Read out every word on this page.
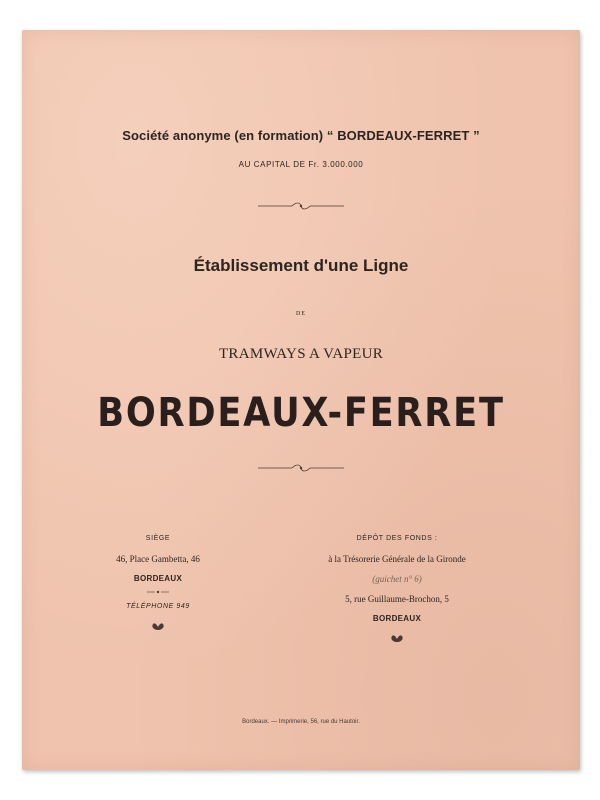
Société anonyme (en formation) “ BORDEAUX-FERRET ”
AU CAPITAL DE Fr. 3.000.000
Établissement d'une Ligne
DE
TRAMWAYS A VAPEUR
BORDEAUX-FERRET
SIÈGE
46, Place Gambetta, 46
BORDEAUX
TÉLÉPHONE 949
DÉPÔT DES FONDS :
à la Trésorerie Générale de la Gironde
(guichet n° 6)
5, rue Guillaume-Brochon, 5
BORDEAUX
Bordeaux. — Imprimerie, 56, rue du Hautoir.
